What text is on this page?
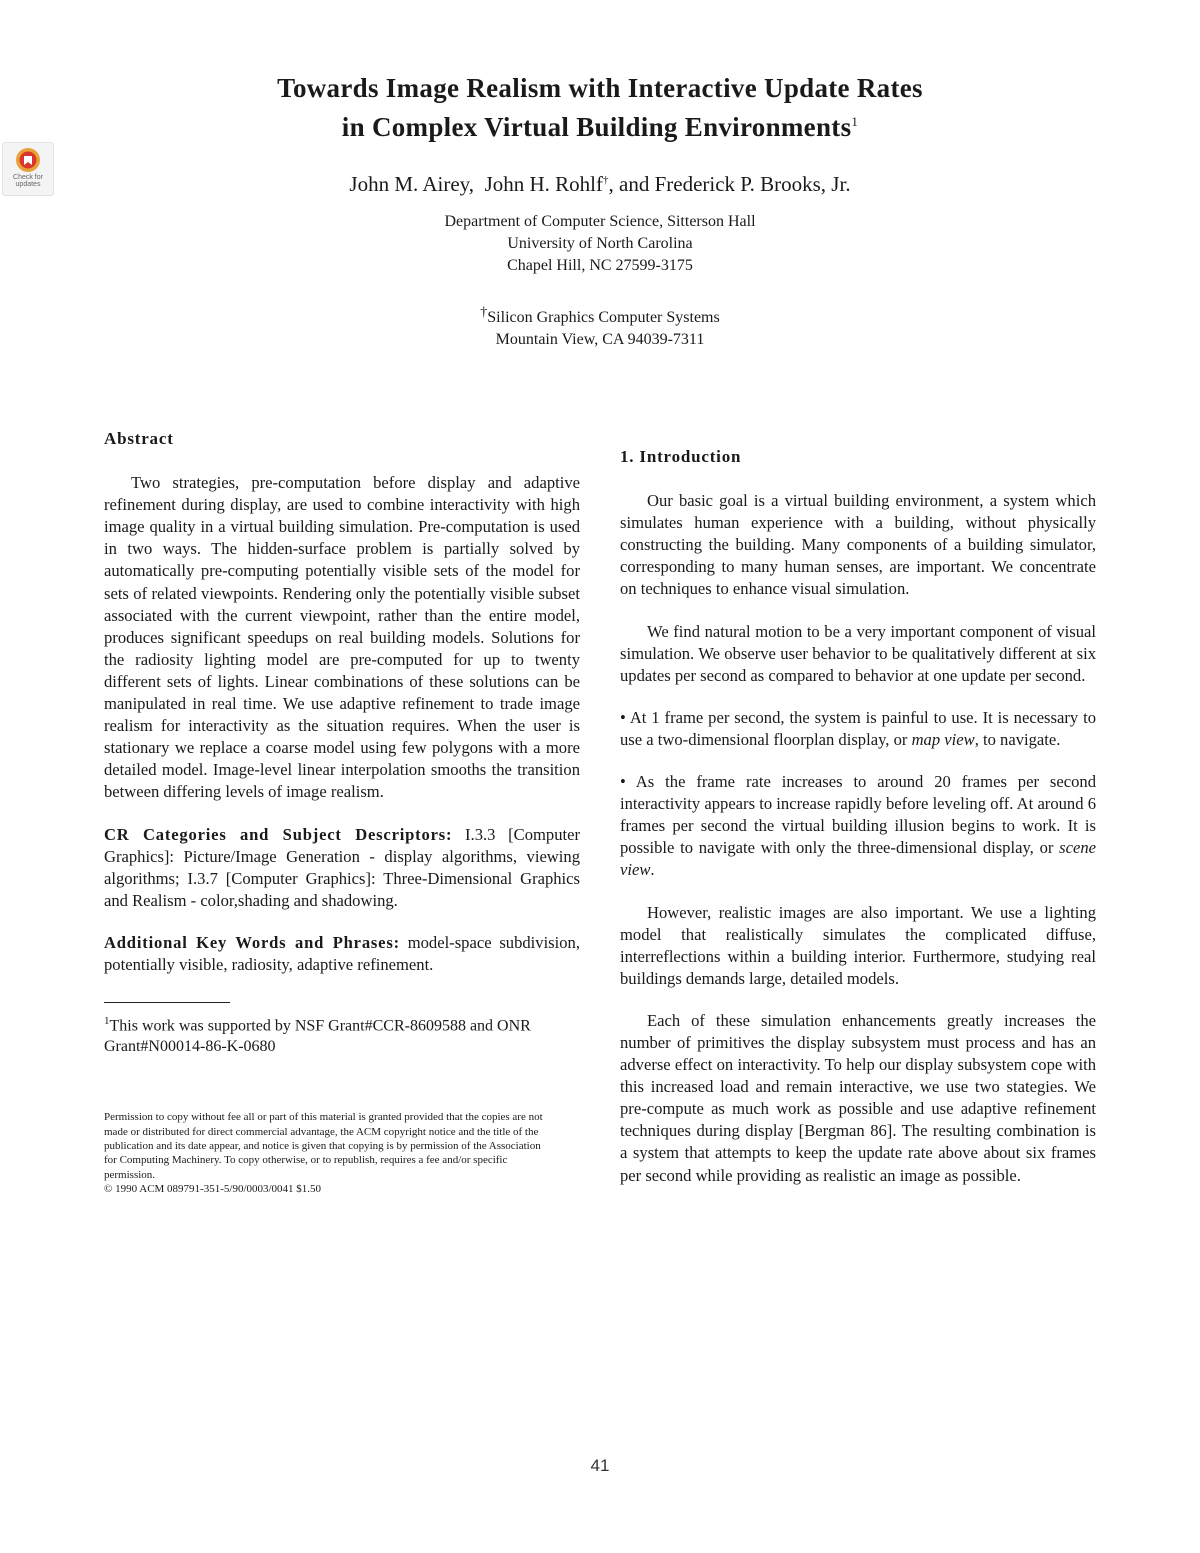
Check for updates
Towards Image Realism with Interactive Update Rates
in Complex Virtual Building Environments$^1$
John M. Airey, John H. Rohlf†, and Frederick P. Brooks, Jr.
Department of Computer Science, Sitterson Hall
University of North Carolina
Chapel Hill, NC 27599-3175
†Silicon Graphics Computer Systems
Mountain View, CA 94039-7311
Abstract

Two strategies, pre-computation before display and adaptive refinement during display, are used to combine interactivity with high image quality in a virtual building simulation. Pre-computation is used in two ways. The hidden-surface problem is partially solved by automatically pre-computing potentially visible sets of the model for sets of related viewpoints. Rendering only the potentially visible subset associated with the current viewpoint, rather than the entire model, produces significant speedups on real building models. Solutions for the radiosity lighting model are pre-computed for up to twenty different sets of lights. Linear combinations of these solutions can be manipulated in real time. We use adaptive refinement to trade image realism for interactivity as the situation requires. When the user is stationary we replace a coarse model using few polygons with a more detailed model. Image-level linear interpolation smooths the transition between differing levels of image realism.

CR Categories and Subject Descriptors: I.3.3 [Computer Graphics]: Picture/Image Generation - display algorithms, viewing algorithms; I.3.7 [Computer Graphics]: Three-Dimensional Graphics and Realism - color,shading and shadowing.

Additional Key Words and Phrases: model-space subdivision, potentially visible, radiosity, adaptive refinement.

$^1$This work was supported by NSF Grant#CCR-8609588 and ONR Grant#N00014-86-K-0680
Permission to copy without fee all or part of this material is granted provided that the copies are not made or distributed for direct commercial advantage, the ACM copyright notice and the title of the publication and its date appear, and notice is given that copying is by permission of the Association for Computing Machinery. To copy otherwise, or to republish, requires a fee and/or specific permission.
© 1990 ACM 089791-351-5/90/0003/0041 $1.50
1. Introduction

Our basic goal is a virtual building environment, a system which simulates human experience with a building, without physically constructing the building. Many components of a building simulator, corresponding to many human senses, are important. We concentrate on techniques to enhance visual simulation.

We find natural motion to be a very important component of visual simulation. We observe user behavior to be qualitatively different at six updates per second as compared to behavior at one update per second.

• At 1 frame per second, the system is painful to use. It is necessary to use a two-dimensional floorplan display, or map view, to navigate.

• As the frame rate increases to around 20 frames per second interactivity appears to increase rapidly before leveling off. At around 6 frames per second the virtual building illusion begins to work. It is possible to navigate with only the three-dimensional display, or scene view.

However, realistic images are also important. We use a lighting model that realistically simulates the complicated diffuse, interreflections within a building interior. Furthermore, studying real buildings demands large, detailed models.

Each of these simulation enhancements greatly increases the number of primitives the display subsystem must process and has an adverse effect on interactivity. To help our display subsystem cope with this increased load and remain interactive, we use two stategies. We pre-compute as much work as possible and use adaptive refinement techniques during display [Bergman 86]. The resulting combination is a system that attempts to keep the update rate above about six frames per second while providing as realistic an image as possible.

41
